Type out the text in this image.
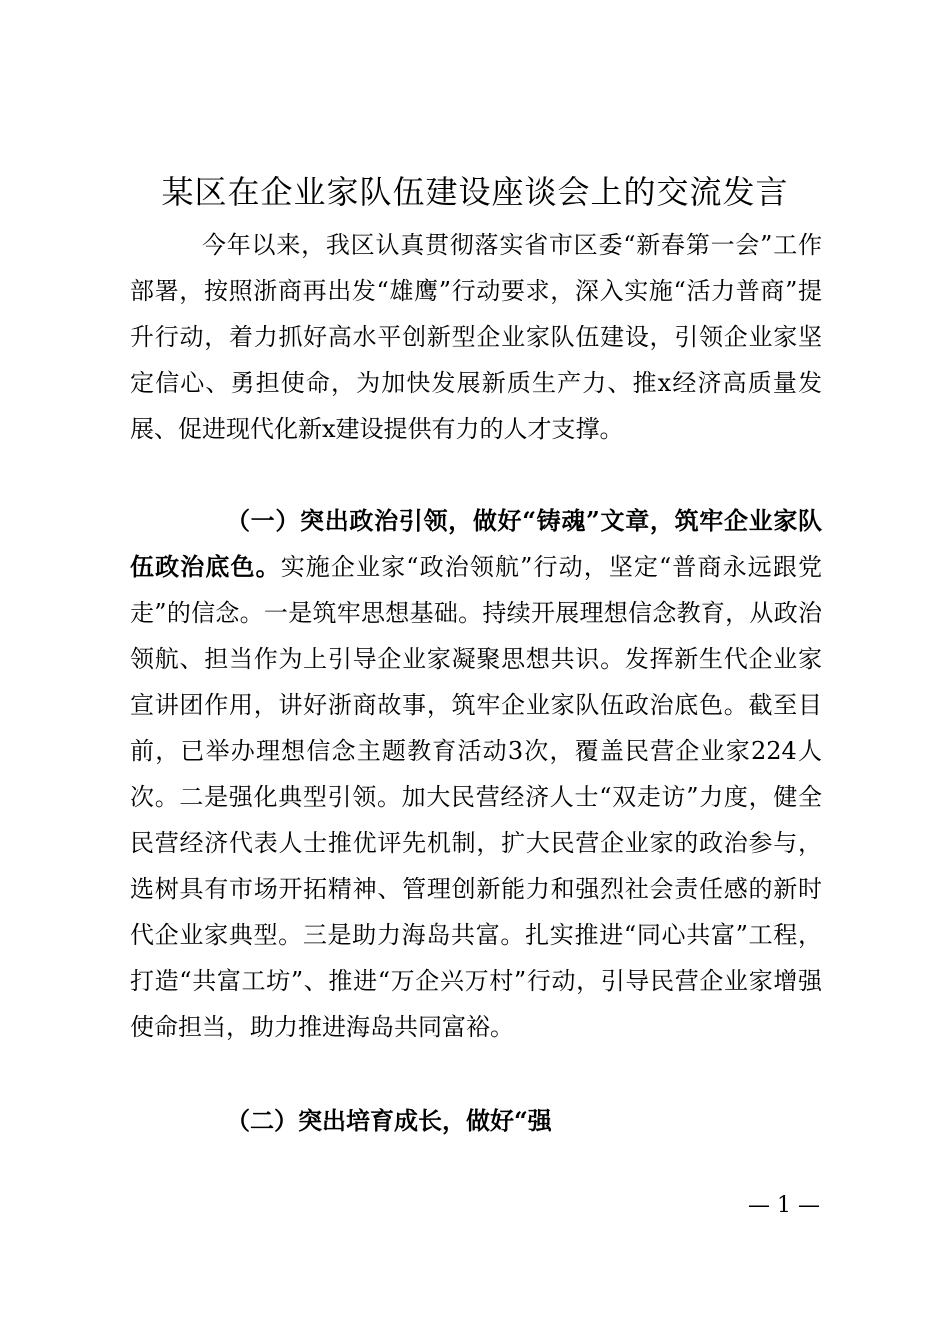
某区在企业家队伍建设座谈会上的交流发言

今年以来，我区认真贯彻落实省市区委“新春第一会”工作部署，按照浙商再出发“雄鹰”行动要求，深入实施“活力普商”提升行动，着力抓好高水平创新型企业家队伍建设，引领企业家坚定信心、勇担使命，为加快发展新质生产力、推x经济高质量发展、促进现代化新x建设提供有力的人才支撑。

（一）突出政治引领，做好“铸魂”文章，筑牢企业家队伍政治底色。实施企业家“政治领航”行动，坚定“普商永远跟党走”的信念。一是筑牢思想基础。持续开展理想信念教育，从政治领航、担当作为上引导企业家凝聚思想共识。发挥新生代企业家宣讲团作用，讲好浙商故事，筑牢企业家队伍政治底色。截至目前，已举办理想信念主题教育活动3次，覆盖民营企业家224人次。二是强化典型引领。加大民营经济人士“双走访”力度，健全民营经济代表人士推优评先机制，扩大民营企业家的政治参与，选树具有市场开拓精神、管理创新能力和强烈社会责任感的新时代企业家典型。三是助力海岛共富。扎实推进“同心共富”工程，打造“共富工坊”、推进“万企兴万村”行动，引导民营企业家增强使命担当，助力推进海岛共同富裕。

（二）突出培育成长，做好“强

— 1 —
